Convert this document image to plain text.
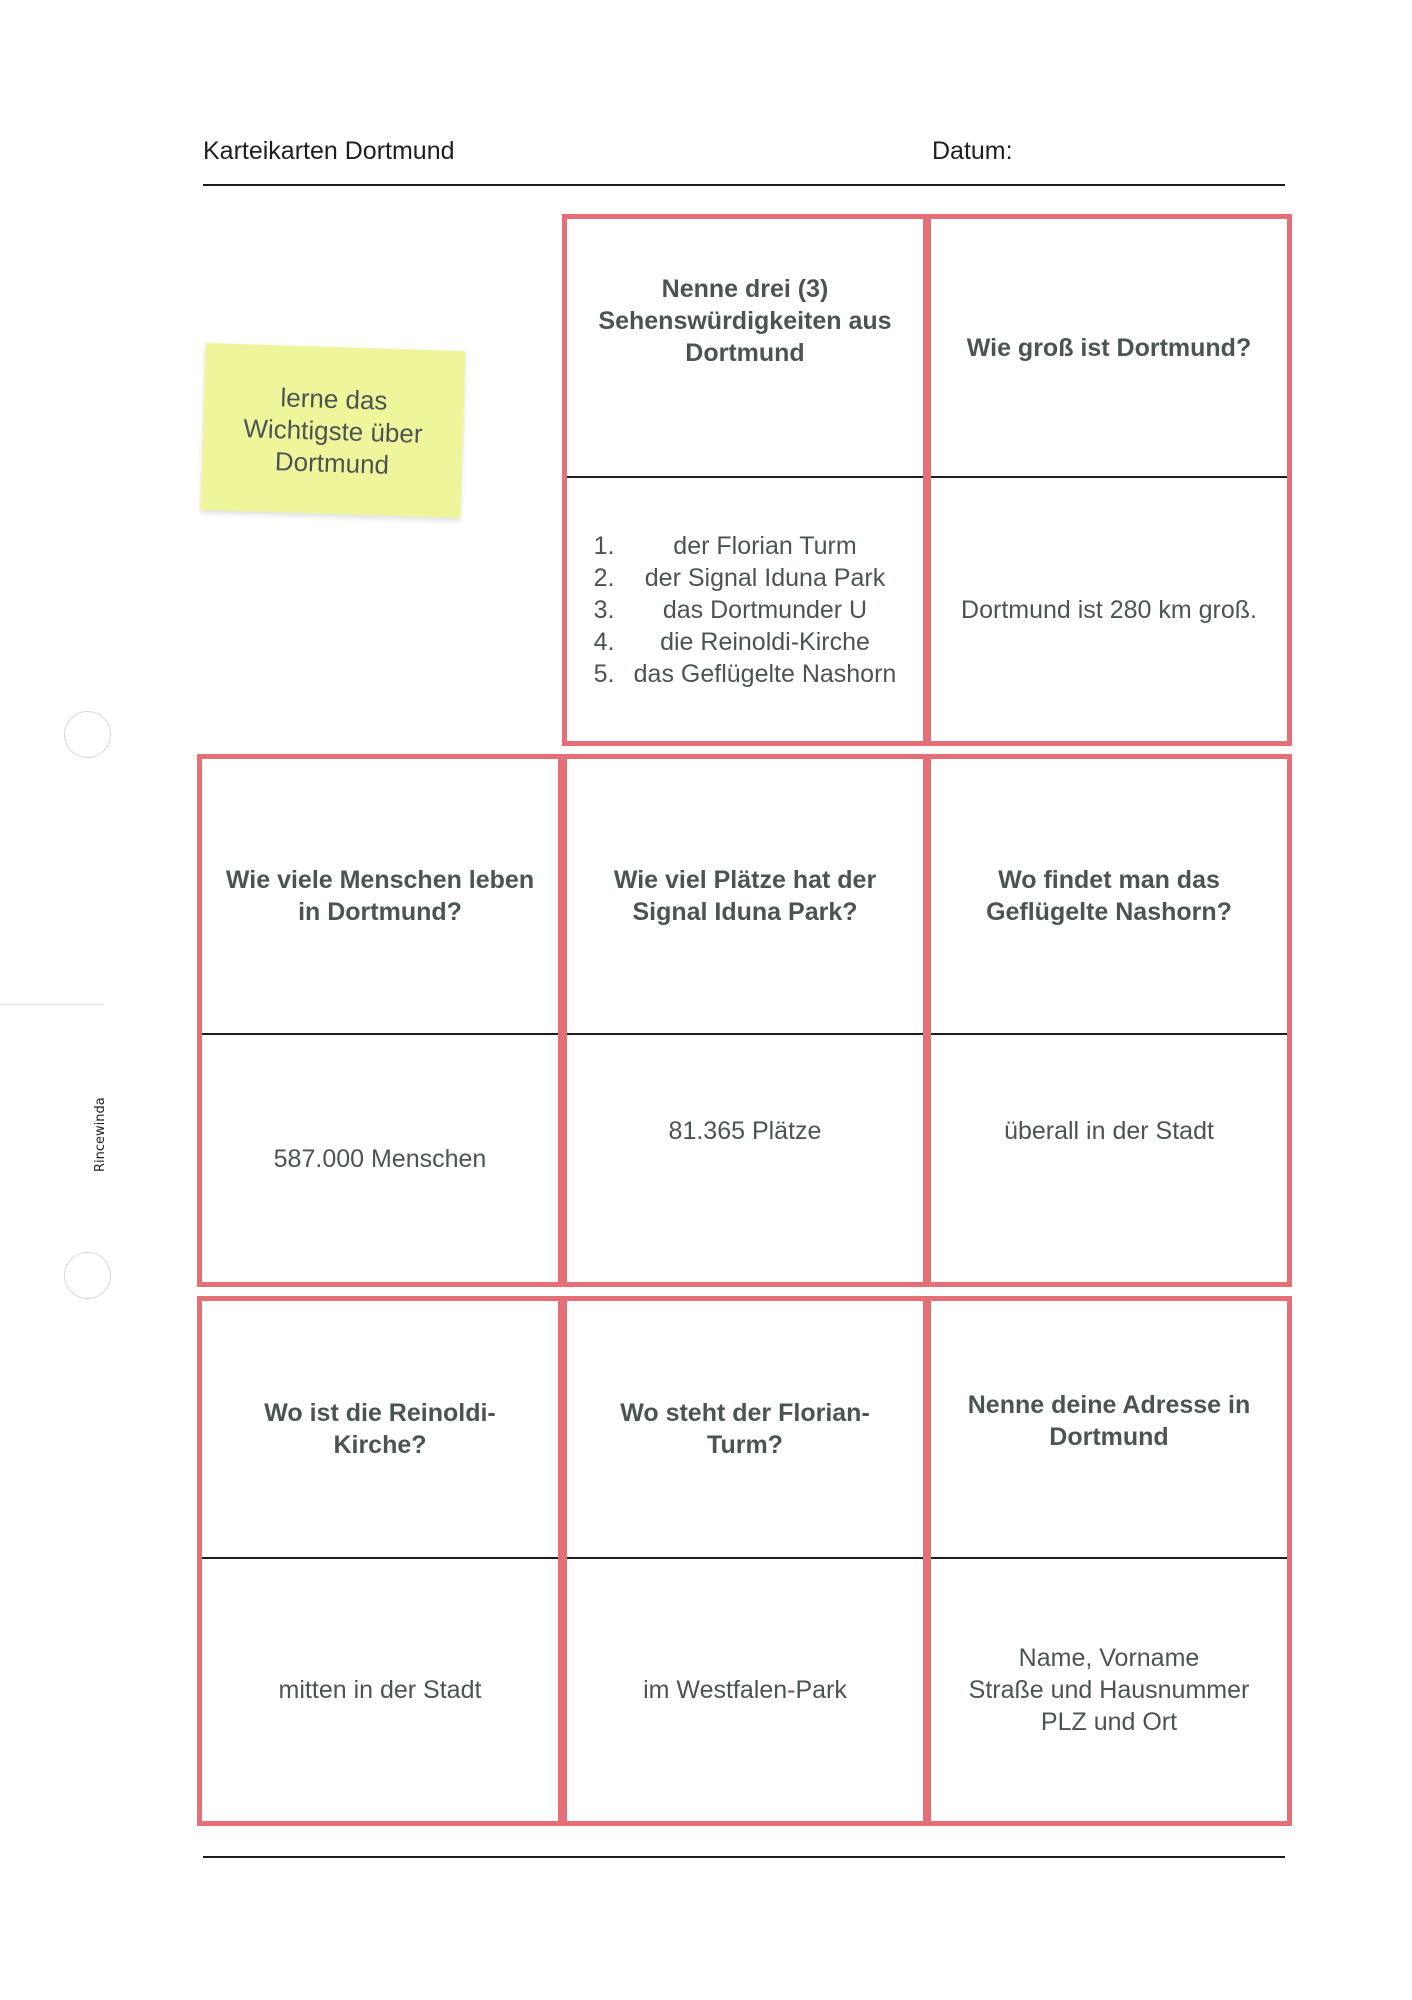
Karteikarten Dortmund	Datum:
Rincewinda
lerne das Wichtigste über Dortmund
Nenne drei (3) Sehenswürdigkeiten aus Dortmund
1.	der Florian Turm
2.	der Signal Iduna Park
3.	das Dortmunder U
4.	die Reinoldi-Kirche
5. das Geflügelte Nashorn
Wie groß ist Dortmund?
Dortmund ist 280 km groß.
Wie viele Menschen leben in Dortmund?
587.000 Menschen
Wie viel Plätze hat der Signal Iduna Park?
81.365 Plätze
Wo findet man das Geflügelte Nashorn?
überall in der Stadt
Wo ist die Reinoldi-Kirche?
mitten in der Stadt
Wo steht der Florian-Turm?
im Westfalen-Park
Nenne deine Adresse in Dortmund
Name, Vorname
Straße und Hausnummer
PLZ und Ort
